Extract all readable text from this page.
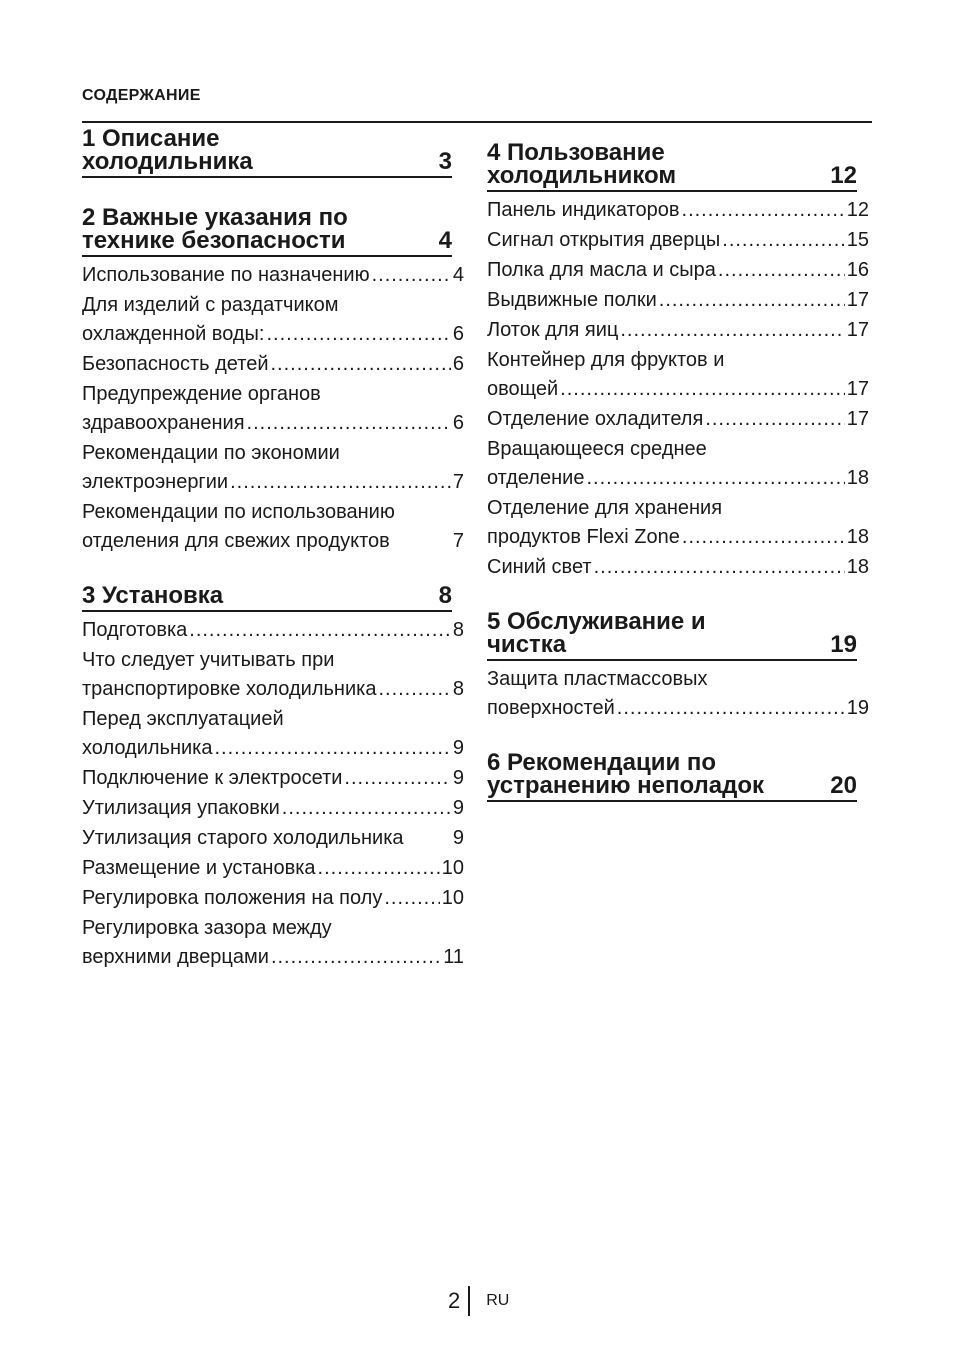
СОДЕРЖАНИЕ
1 Описание
холодильника	3
2 Важные указания по
технике безопасности	4
Использование по назначению .....	4
Для изделий с раздатчиком
охлажденной воды: .....	6
Безопасность детей .....	6
Предупреждение органов
здравоохранения .....	6
Рекомендации по экономии
электроэнергии .....	7
Рекомендации по использованию
отделения для свежих продуктов	7
3 Установка	8
Подготовка .....	8
Что следует учитывать при
транспортировке холодильника .....	8
Перед эксплуатацией
холодильника .....	9
Подключение к электросети .....	9
Утилизация упаковки .....	9
Утилизация старого холодильника 9
Размещение и установка .....	10
Регулировка положения на полу .....	10
Регулировка зазора между
верхними дверцами .....	11
4 Пользование
холодильником	12
Панель индикаторов .....	12
Сигнал открытия дверцы .....	15
Полка для масла и сыра .....	16
Выдвижные полки .....	17
Лоток для яиц .....	17
Контейнер для фруктов и
овощей .....	17
Отделение охладителя .....	17
Вращающееся среднее
отделение .....	18
Отделение для хранения
продуктов Flexi Zone .....	18
Синий свет .....	18
5 Обслуживание и
чистка	19
Защита пластмассовых
поверхностей .....	19
6 Рекомендации по
устранению неполадок	20
2	RU
